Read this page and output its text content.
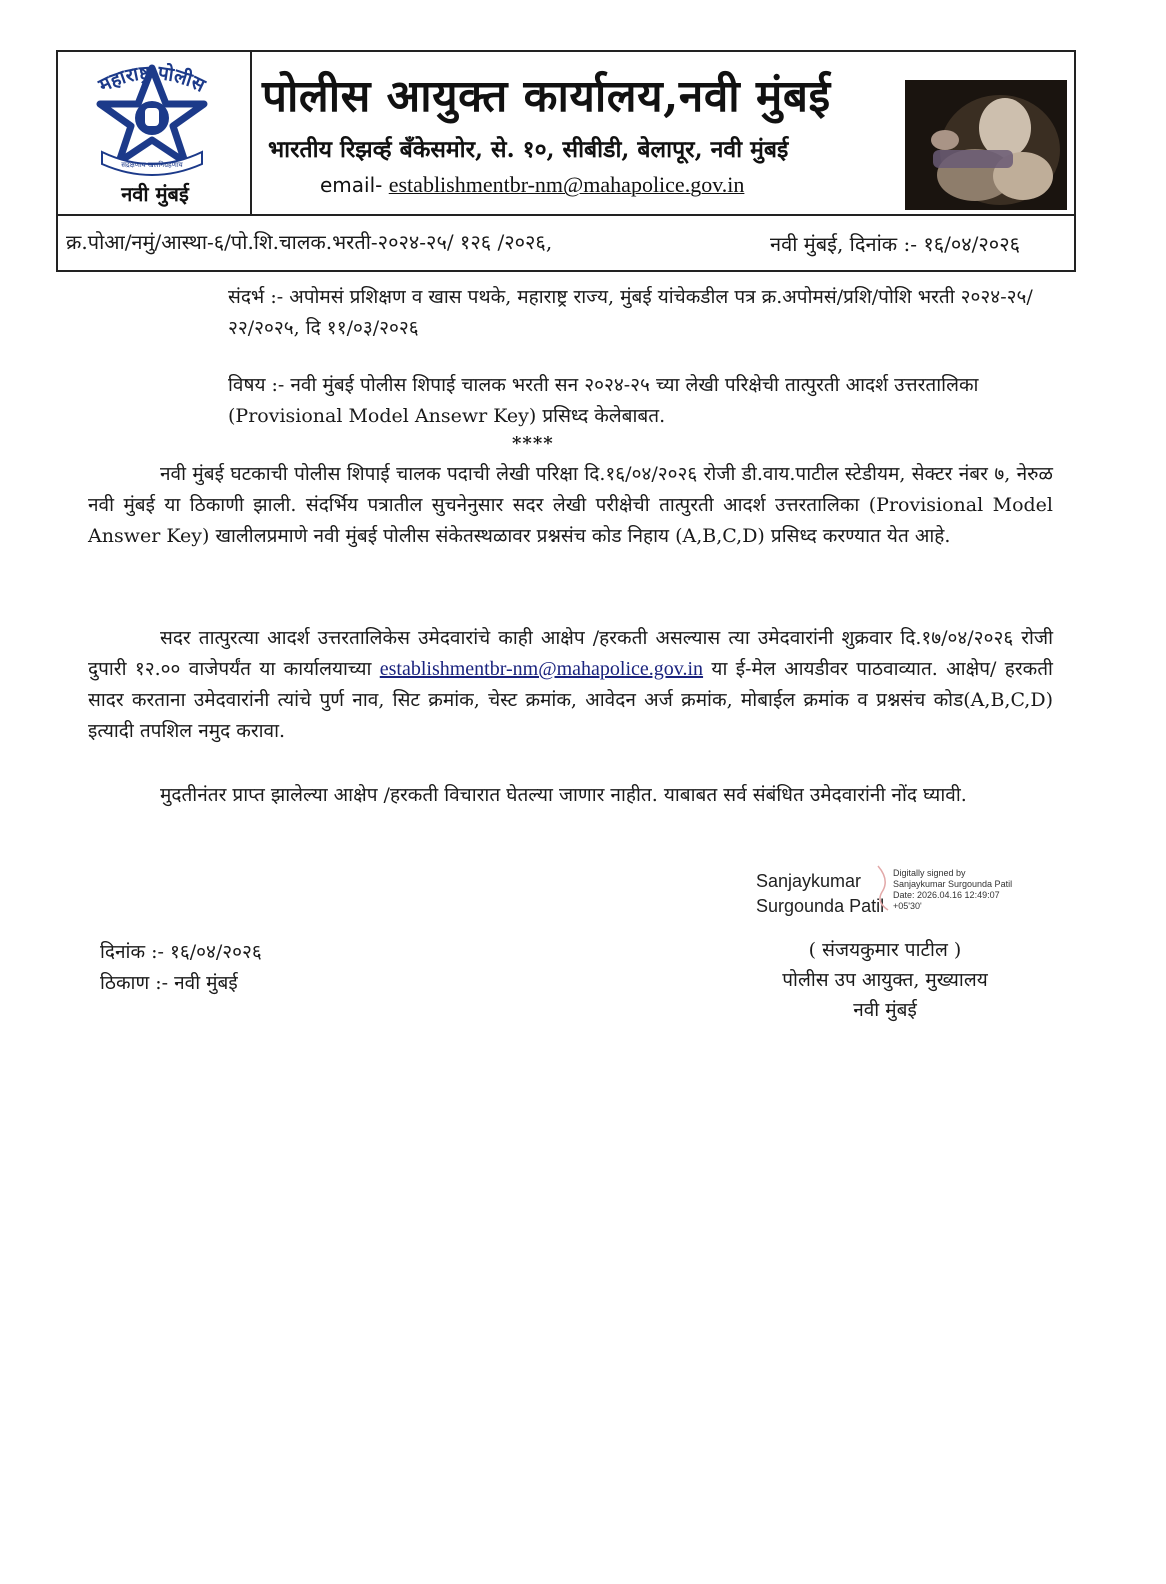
महाराष्ट्र पोलीस
सद्रक्षणाय खलनिग्रहणाय
नवी मुंबई
पोलीस आयुक्त कार्यालय,नवी मुंबई
भारतीय रिझर्व्ह बँकेसमोर, से. १०, सीबीडी, बेलापूर, नवी मुंबई
email- establishmentbr-nm@mahapolice.gov.in
क्र.पोआ/नमुं/आस्था-६/पो.शि.चालक.भरती-२०२४-२५/ १२६ /२०२६,	नवी मुंबई, दिनांक :- १६/०४/२०२६
संदर्भ :- अपोमसं प्रशिक्षण व खास पथके, महाराष्ट्र राज्य, मुंबई यांचेकडील पत्र क्र.अपोमसं/प्रशि/पोशि भरती २०२४-२५/ २२/२०२५, दि ११/०३/२०२६
विषय :- नवी मुंबई पोलीस शिपाई चालक भरती सन २०२४-२५ च्या लेखी परिक्षेची तात्पुरती आदर्श उत्तरतालिका (Provisional Model Ansewr Key) प्रसिध्द केलेबाबत.
****
नवी मुंबई घटकाची पोलीस शिपाई चालक पदाची लेखी परिक्षा दि.१६/०४/२०२६ रोजी डी.वाय.पाटील स्टेडीयम, सेक्टर नंबर ७, नेरुळ नवी मुंबई या ठिकाणी झाली. संदर्भिय पत्रातील सुचनेनुसार सदर लेखी परीक्षेची तात्पुरती आदर्श उत्तरतालिका (Provisional Model Answer Key) खालीलप्रमाणे नवी मुंबई पोलीस संकेतस्थळावर प्रश्नसंच कोड निहाय (A,B,C,D) प्रसिध्द करण्यात येत आहे.
सदर तात्पुरत्या आदर्श उत्तरतालिकेस उमेदवारांचे काही आक्षेप /हरकती असल्यास त्या उमेदवारांनी शुक्रवार दि.१७/०४/२०२६ रोजी दुपारी १२.०० वाजेपर्यंत या कार्यालयाच्या establishmentbr-nm@mahapolice.gov.in या ई-मेल आयडीवर पाठवाव्यात. आक्षेप/ हरकती सादर करताना उमेदवारांनी त्यांचे पुर्ण नाव, सिट क्रमांक, चेस्ट क्रमांक, आवेदन अर्ज क्रमांक, मोबाईल क्रमांक व प्रश्नसंच कोड(A,B,C,D) इत्यादी तपशिल नमुद करावा.
मुदतीनंतर प्राप्त झालेल्या आक्षेप /हरकती विचारात घेतल्या जाणार नाहीत. याबाबत सर्व संबंधित उमेदवारांनी नोंद घ्यावी.
Sanjaykumar
Surgounda Patil
Digitally signed by
Sanjaykumar Surgounda Patil
Date: 2026.04.16 12:49:07
+05'30'
दिनांक :- १६/०४/२०२६
ठिकाण :- नवी मुंबई
( संजयकुमार पाटील )
पोलीस उप आयुक्त, मुख्यालय
नवी मुंबई
